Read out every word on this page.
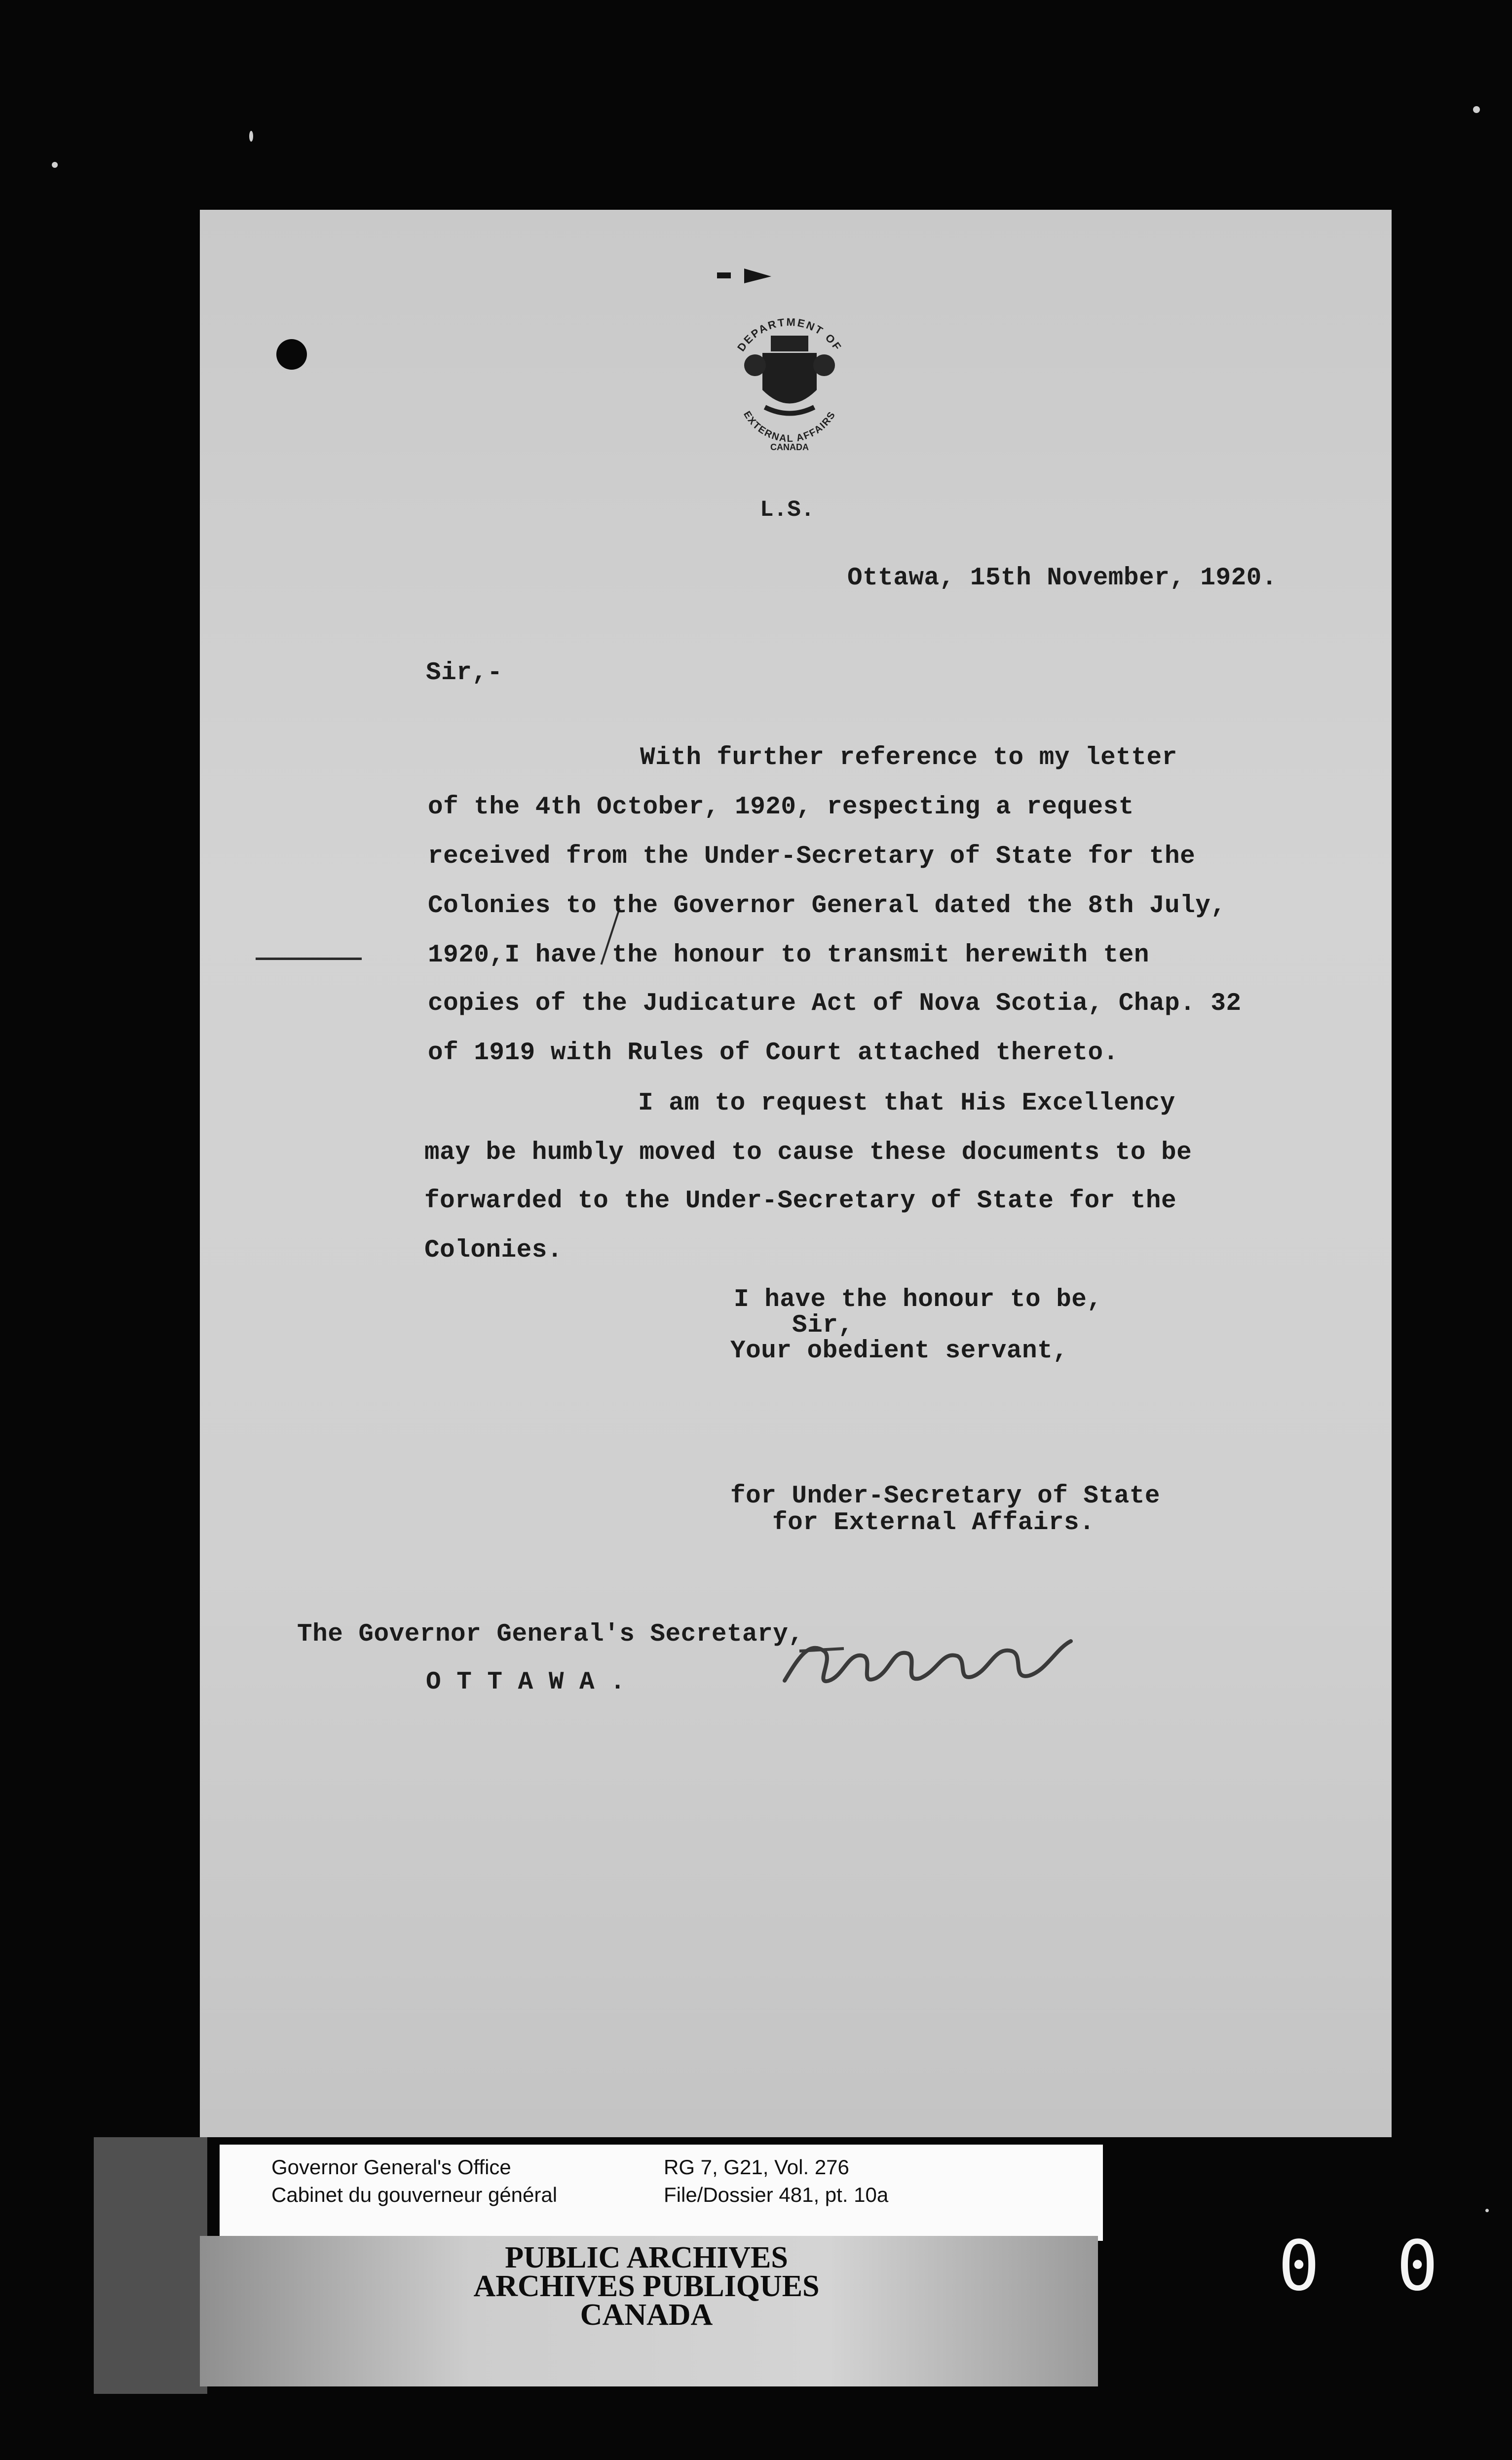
DEPARTMENT OF
EXTERNAL AFFAIRS
CANADA
L.S.
Ottawa, 15th November, 1920.
Sir,-
With further reference to my letter
of the 4th October, 1920, respecting a request
received from the Under-Secretary of State for the
Colonies to the Governor General dated the 8th July,
1920,I have the honour to transmit herewith ten
copies of the Judicature Act of Nova Scotia, Chap. 32
of 1919 with Rules of Court attached thereto.
I am to request that His Excellency
may be humbly moved to cause these documents to be
forwarded to the Under-Secretary of State for the
Colonies.
I have the honour to be,
Sir,
Your obedient servant,
for Under-Secretary of State
for External Affairs.
The Governor General's Secretary,
O T T A W A .
Governor General's Office
Cabinet du gouverneur général
RG 7, G21, Vol. 276
File/Dossier 481, pt. 10a
PUBLIC ARCHIVES
ARCHIVES PUBLIQUES
CANADA
0 0
